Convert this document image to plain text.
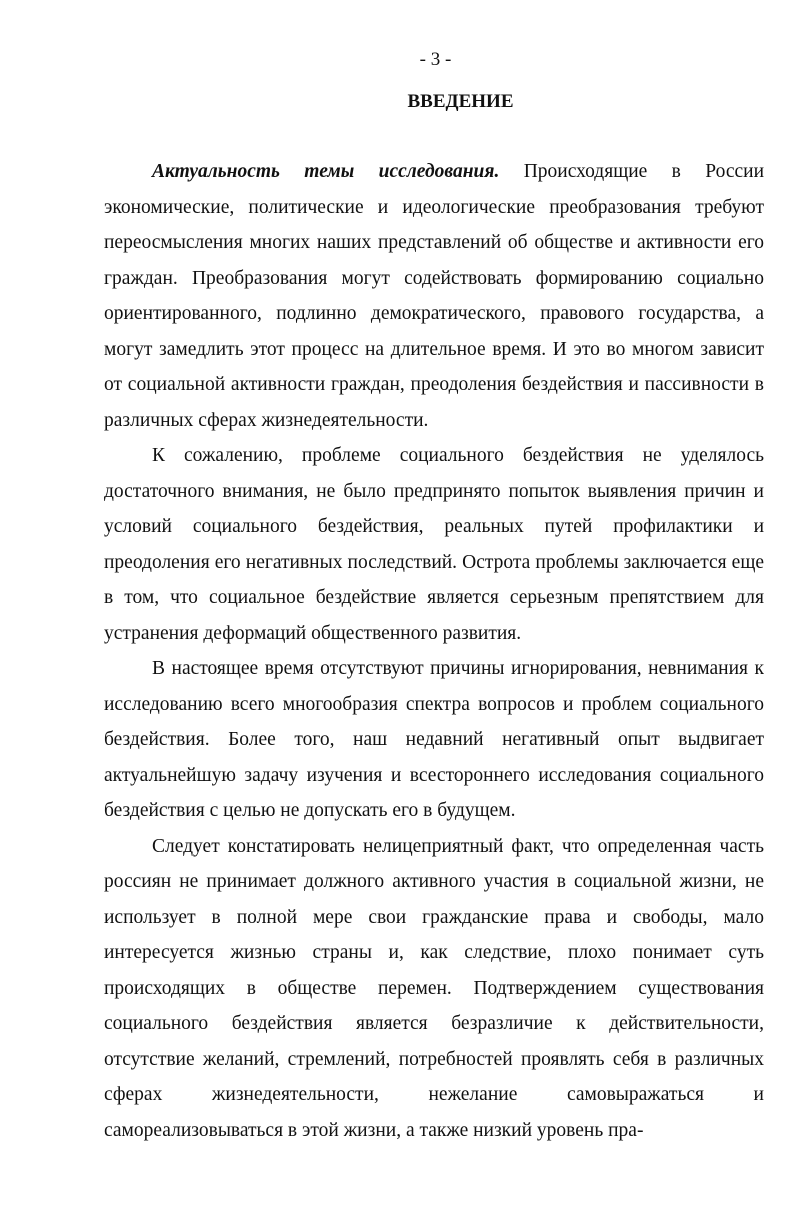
- 3 -
ВВЕДЕНИЕ

Актуальность темы исследования. Происходящие в России экономические, политические и идеологические преобразования требуют переосмысления многих наших представлений об обществе и активности его граждан. Преобразования могут содействовать формированию социально ориентированного, подлинно демократического, правового государства, а могут замедлить этот процесс на длительное время. И это во многом зависит от социальной активности граждан, преодоления бездействия и пассивности в различных сферах жизнедеятельности.

К сожалению, проблеме социального бездействия не уделялось достаточного внимания, не было предпринято попыток выявления причин и условий социального бездействия, реальных путей профилактики и преодоления его негативных последствий. Острота проблемы заключается еще в том, что социальное бездействие является серьезным препятствием для устранения деформаций общественного развития.

В настоящее время отсутствуют причины игнорирования, невнимания к исследованию всего многообразия спектра вопросов и проблем социального бездействия. Более того, наш недавний негативный опыт выдвигает актуальнейшую задачу изучения и всестороннего исследования социального бездействия с целью не допускать его в будущем.

Следует констатировать нелицеприятный факт, что определенная часть россиян не принимает должного активного участия в социальной жизни, не использует в полной мере свои гражданские права и свободы, мало интересуется жизнью страны и, как следствие, плохо понимает суть происходящих в обществе перемен. Подтверждением существования социального бездействия является безразличие к действительности, отсутствие желаний, стремлений, потребностей проявлять себя в различных сферах жизнедеятельности, нежелание самовыражаться и самореализовываться в этой жизни, а также низкий уровень пра-
